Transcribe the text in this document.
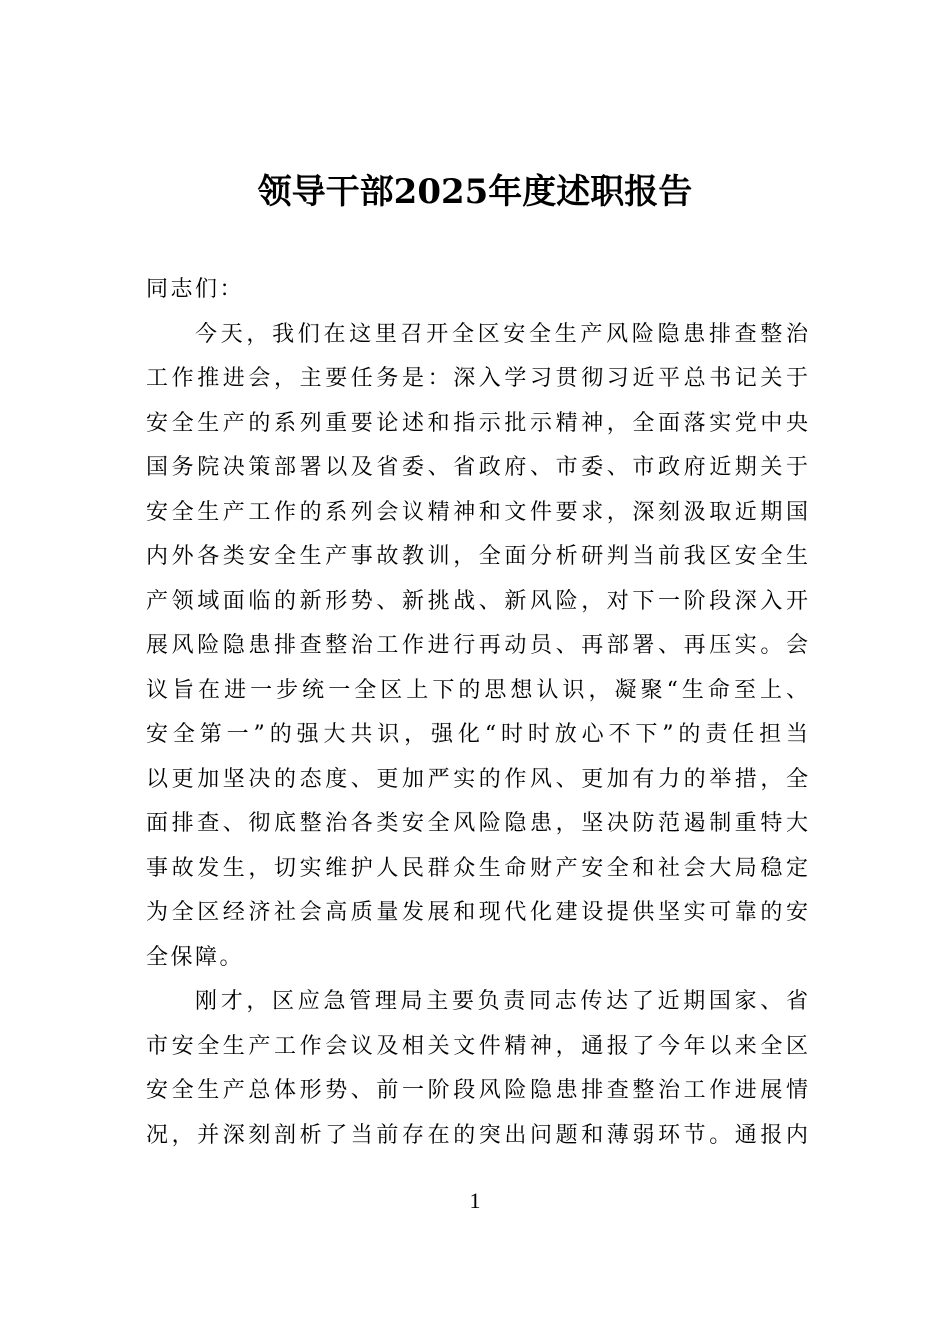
领导干部2025年度述职报告
同志们：
今天，我们在这里召开全区安全生产风险隐患排查整治
工作推进会，主要任务是：深入学习贯彻习近平总书记关于
安全生产的系列重要论述和指示批示精神，全面落实党中央
国务院决策部署以及省委、省政府、市委、市政府近期关于
安全生产工作的系列会议精神和文件要求，深刻汲取近期国
内外各类安全生产事故教训，全面分析研判当前我区安全生
产领域面临的新形势、新挑战、新风险，对下一阶段深入开
展风险隐患排查整治工作进行再动员、再部署、再压实。会
议旨在进一步统一全区上下的思想认识，凝聚“生命至上、
安全第一”的强大共识，强化“时时放心不下”的责任担当
以更加坚决的态度、更加严实的作风、更加有力的举措，全
面排查、彻底整治各类安全风险隐患，坚决防范遏制重特大
事故发生，切实维护人民群众生命财产安全和社会大局稳定
为全区经济社会高质量发展和现代化建设提供坚实可靠的安
全保障。
刚才，区应急管理局主要负责同志传达了近期国家、省
市安全生产工作会议及相关文件精神，通报了今年以来全区
安全生产总体形势、前一阶段风险隐患排查整治工作进展情
况，并深刻剖析了当前存在的突出问题和薄弱环节。通报内
1
